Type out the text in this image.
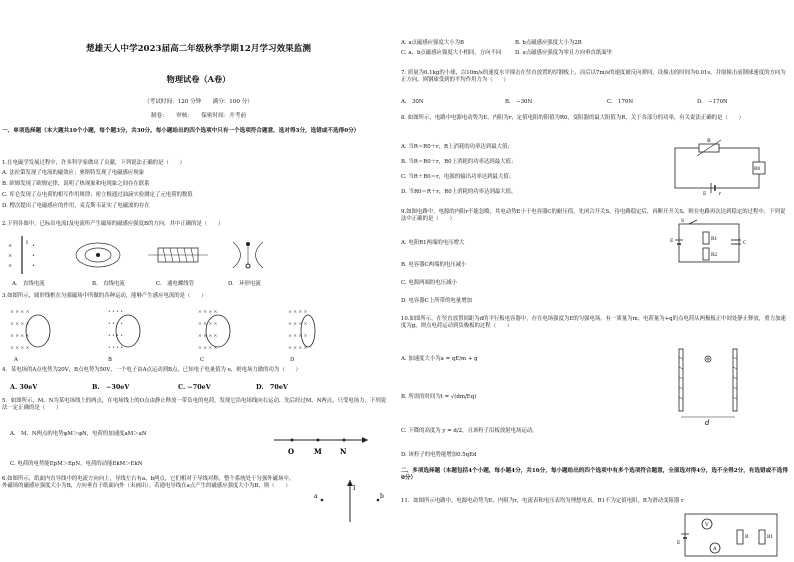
楚雄天人中学2023届高二年级秋季学期12月学习效果监测
物理试卷（A卷）
（考试时间：120 分钟　　满分：100 分）
制卷：　　审核：　　保密时间：开考前
一、单项选择题（本大题共10个小题，每个题3分，共30分。每小题给出的四个选项中只有一个选项符合题意，选对得3分，选错或不选得0分）
1.在电磁学发展过程中，许多科学家做出了贡献，下列说法正确的是（　　）
A. 法拉第发现了电流的磁效应；奥斯特发现了电磁感应现象
B. 欧姆发现了欧姆定律，说明了热现象和电现象之间存在联系
C. 库仑发现了点电荷的相互作用规律；密立根通过油滴实验测定了元电荷的数值
D. 楞次提出了电磁感应的作用，麦克斯韦证实了电磁波的存在
2.下列各图中，已标出电流I及电流所产生磁场的磁感应强度B的方向，其中正确的是（　　）
I
×
×
×
•
•
•
A.　直线电流	B.　直线电流	C.　通电螺线管	D.　环形电流
3.如图所示，圆形线框在匀强磁场中所做的各种运动，能够产生感应电流的是（　　）
× × × ×
× × × ×
× × × ×
× × × ×
• • • •
• • • •
• • • •
• • • •
× × × ×
× × × ×
× × × ×
× × × ×
× × × ×
× × × ×
× × × ×
× × × ×
A	B	C	D
4．某电场的A点电势为20V，B点电势为50V，一个电子由A点运动到B点，已知电子电量值为 e，则电场力做的功为（　　）
A. 30eV	B.　−30eV	C. −70eV	D.　70eV
5．如图所示，M、N为某电场线上的两点，在电场线上的O点由静止释放一带负电的电荷，发现它沿电场线向右运动，先后经过M、N两点，只受电场力，下列说法一定正确的是（　　）
A.　M、N两点的电势φM＞φN，电荷的加速度aM＞aN
O	M	N
C. 电荷的电势能EpM＞EpN，电荷的动能EkM＞EkN
6.如图所示，纸面内直导线中的电流方向向上，导线左右有a、b两点，它们相对于导线对称，整个系统处于匀强外磁场中，外磁场的磁感应强度大小为B，方向垂直于纸面向外（未画出）。若通电导线在a点产生的磁感应强度大小为B，则（　　）	I
a	b
A. a点磁感应强度大小为B	B. b点磁感应强度大小为2B
C. a、b点磁感应强度大小相同，方向不同	D. a点磁感应强度为零且方向垂直纸面里
7. 质量为0.1kg的小球，以10m/s的速度水平撞击在竖直放置的厚钢板上，而后以7m/s的速度被反向弹回，设撞击的时间为0.01s，并取撞击前钢球速度的方向为正方向，则钢球受到的平均作用力为（　　）
A.　30N	B.　−30N	C.　170N	D.　−170N
8. 如图所示，电路中电源电动势为E、内阻为r，定值电阻的阻值为R0，变阻器的最大阻值为R，关于各部分的功率，有关说法正确的是（　　）
A. 当R＝R0＋r，R上消耗的功率达到最大值；
B. 当R＝R0＋r，R0上消耗的功率达到最大值；
C. 当R＋R0＝r，电源的输出功率达到最大值；
D. 当R0＝R＋r，R0上消耗的功率达到最大值。
R
R0
E	r
9.如图电路中，电源的内阻r不能忽略，其电动势E小于电容器C的耐压值，先闭合开关S，待电路稳定后，再断开开关S，则在电路再次达到稳定的过程中，下列说法中正确的是（　　）
E
S
R1
R2
C
A. 电阻R1两端的电压增大
B. 电容器C两端的电压减小
C. 电源两端的电压减小
D. 电容器C上所带的电量增加
10.如图所示，在竖直放置间距为d的平行板电容器中，存在电场强度为E的匀强电场，有一质量为m，电荷量为+q的点电荷从两极板正中间处静止释放，重力加速度为g，则点电荷运动到负极板的过程（　　）
A. 加速度大小为a = qE/m + g
B. 所需的时间为t = √(dm/Eq)
C. 下降的高度为 y = d/2，且该粒子沿板放射电场运动。
D. 该粒子的电势能增加0.5qEd
d
二、多项选择题（本题包括4个小题，每小题4分，共16分，每小题给出的四个选项中有多个选项符合题意，全部选对得4分，选不全得2分，有选错或不选得0分）
11．如图所示电路中，电源电动势为E，内阻为r，电流表和电压表均为理想电表，R1不为定值电阻，R为滑动变阻器 r
V
A
R	R1
E
